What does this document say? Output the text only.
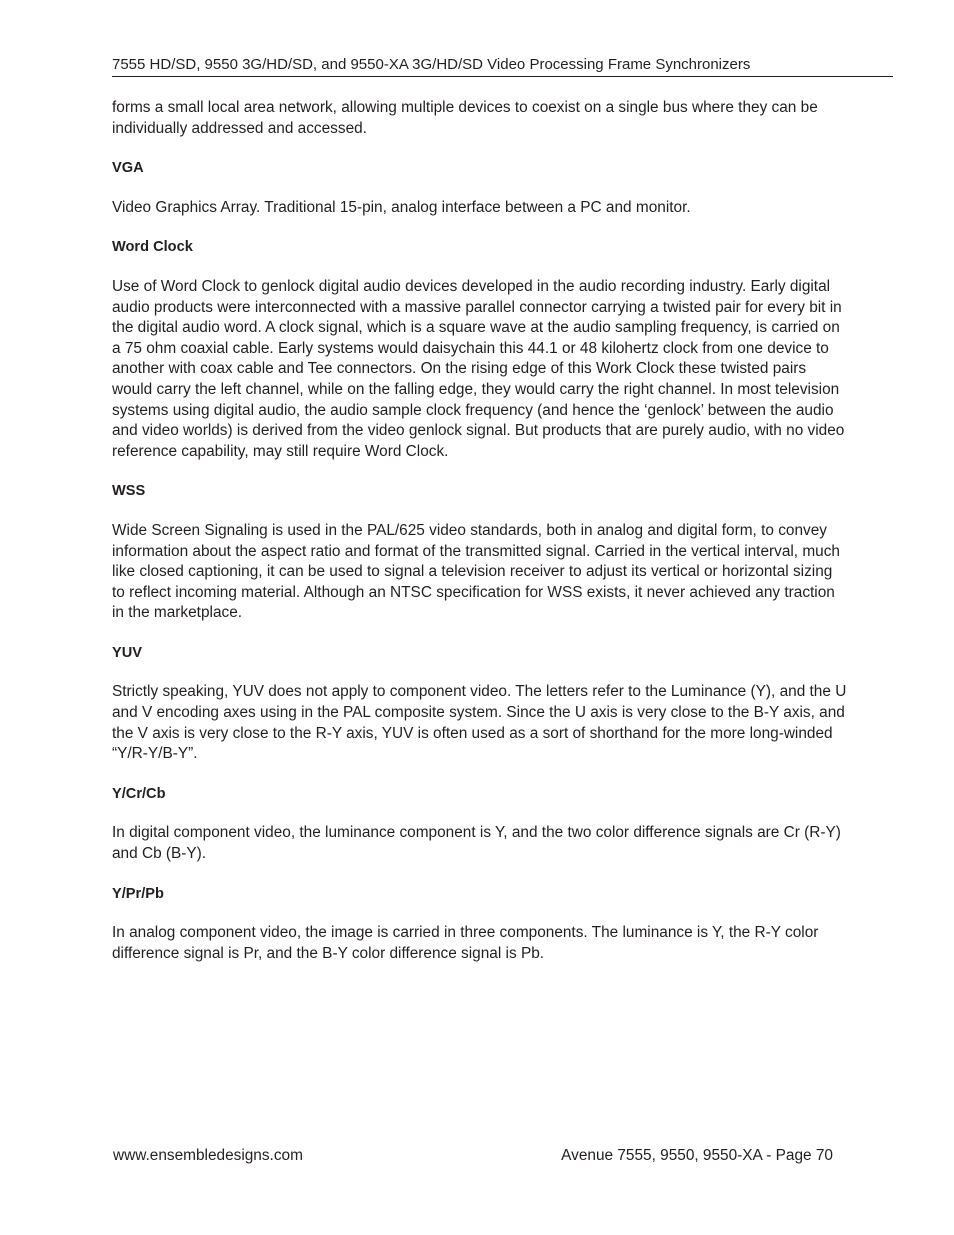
7555 HD/SD, 9550 3G/HD/SD, and 9550-XA 3G/HD/SD Video Processing Frame Synchronizers

forms a small local area network, allowing multiple devices to coexist on a single bus where they can be individually addressed and accessed.

VGA

Video Graphics Array. Traditional 15-pin, analog interface between a PC and monitor.

Word Clock

Use of Word Clock to genlock digital audio devices developed in the audio recording industry. Early digital audio products were interconnected with a massive parallel connector carrying a twisted pair for every bit in the digital audio word. A clock signal, which is a square wave at the audio sampling frequency, is carried on a 75 ohm coaxial cable. Early systems would daisychain this 44.1 or 48 kilohertz clock from one device to another with coax cable and Tee connectors. On the rising edge of this Work Clock these twisted pairs would carry the left channel, while on the falling edge, they would carry the right channel. In most television systems using digital audio, the audio sample clock frequency (and hence the ‘genlock’ between the audio and video worlds) is derived from the video genlock signal. But products that are purely audio, with no video reference capability, may still require Word Clock.

WSS

Wide Screen Signaling is used in the PAL/625 video standards, both in analog and digital form, to convey information about the aspect ratio and format of the transmitted signal. Carried in the vertical interval, much like closed captioning, it can be used to signal a television receiver to adjust its vertical or horizontal sizing to reflect incoming material. Although an NTSC specification for WSS exists, it never achieved any traction in the marketplace.

YUV

Strictly speaking, YUV does not apply to component video. The letters refer to the Luminance (Y), and the U and V encoding axes using in the PAL composite system. Since the U axis is very close to the B-Y axis, and the V axis is very close to the R-Y axis, YUV is often used as a sort of shorthand for the more long-winded “Y/R-Y/B-Y”.

Y/Cr/Cb

In digital component video, the luminance component is Y, and the two color difference signals are Cr (R-Y) and Cb (B-Y).

Y/Pr/Pb

In analog component video, the image is carried in three components. The luminance is Y, the R-Y color difference signal is Pr, and the B-Y color difference signal is Pb.

www.ensembledesigns.com	Avenue 7555, 9550, 9550-XA - Page 70
